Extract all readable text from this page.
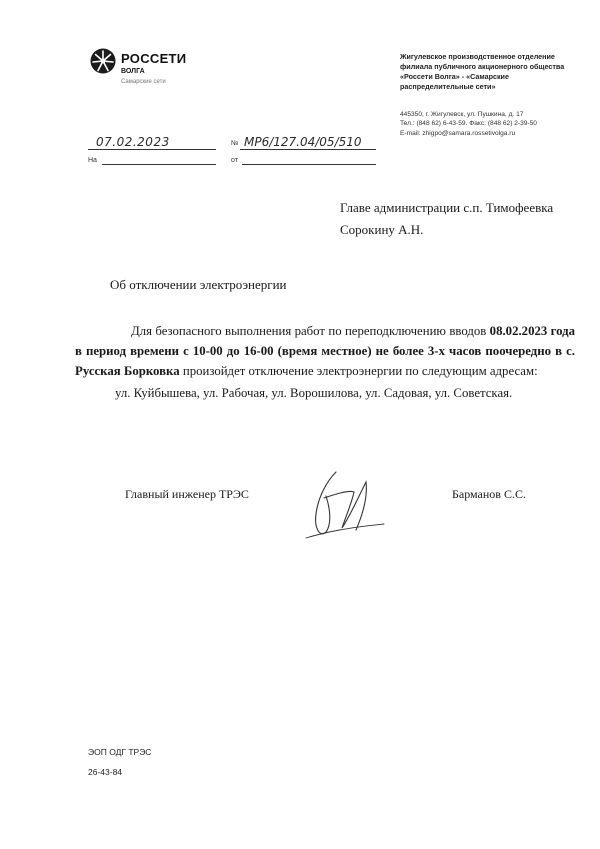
РОССЕТИ
ВОЛГА
Самарские сети
Жигулевское производственное отделение филиала публичного акционерного общества «Россети Волга» - «Самарские распределительные сети»
445350, г. Жигулевск, ул. Пушкина, д. 17
Тел.: (848 62) 6-43-59. Факс: (848 62) 2-39-50
E-mail: zhigpo@samara.rossetivolga.ru
07.02.2023	№ МР6/127.04/05/510
На	от
Главе администрации с.п. Тимофеевка
Сорокину А.Н.
Об отключении электроэнергии

Для безопасного выполнения работ по переподключению вводов 08.02.2023 года в период времени с 10-00 до 16-00 (время местное) не более 3-х часов поочередно в с. Русская Борковка произойдет отключение электроэнергии по следующим адресам:

ул. Куйбышева, ул. Рабочая, ул. Ворошилова, ул. Садовая, ул. Советская.

Главный инженер ТРЭС	Барманов С.С.
ЭОП ОДГ ТРЭС
26-43-84
